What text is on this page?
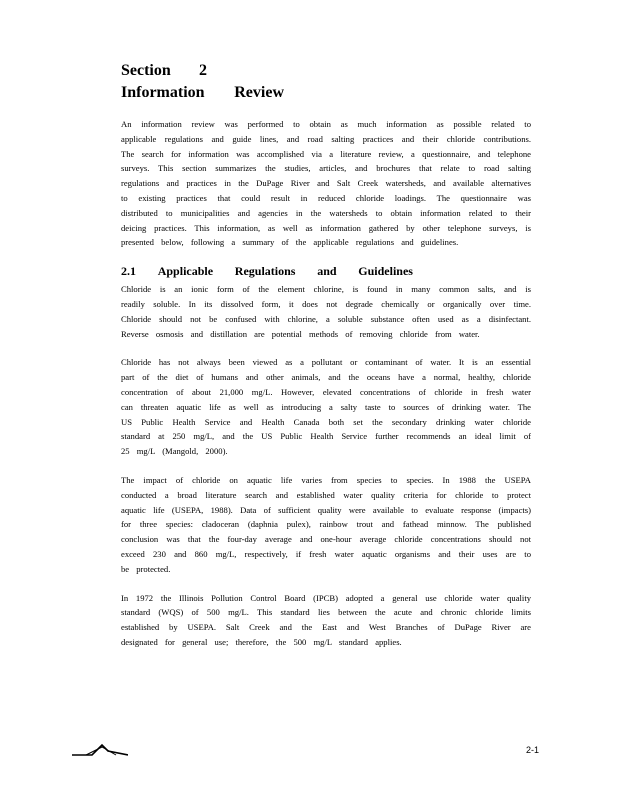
Section 2
Information Review

An information review was performed to obtain as much information as possible related to applicable regulations and guide lines, and road salting practices and their chloride contributions. The search for information was accomplished via a literature review, a questionnaire, and telephone surveys. This section summarizes the studies, articles, and brochures that relate to road salting regulations and practices in the DuPage River and Salt Creek watersheds, and available alternatives to existing practices that could result in reduced chloride loadings. The questionnaire was distributed to municipalities and agencies in the watersheds to obtain information related to their deicing practices. This information, as well as information gathered by other telephone surveys, is presented below, following a summary of the applicable regulations and guidelines.

2.1 Applicable Regulations and Guidelines

Chloride is an ionic form of the element chlorine, is found in many common salts, and is readily soluble. In its dissolved form, it does not degrade chemically or organically over time. Chloride should not be confused with chlorine, a soluble substance often used as a disinfectant. Reverse osmosis and distillation are potential methods of removing chloride from water.

Chloride has not always been viewed as a pollutant or contaminant of water. It is an essential part of the diet of humans and other animals, and the oceans have a normal, healthy, chloride concentration of about 21,000 mg/L. However, elevated concentrations of chloride in fresh water can threaten aquatic life as well as introducing a salty taste to sources of drinking water. The US Public Health Service and Health Canada both set the secondary drinking water chloride standard at 250 mg/L, and the US Public Health Service further recommends an ideal limit of 25 mg/L (Mangold, 2000).

The impact of chloride on aquatic life varies from species to species. In 1988 the USEPA conducted a broad literature search and established water quality criteria for chloride to protect aquatic life (USEPA, 1988). Data of sufficient quality were available to evaluate response (impacts) for three species: cladoceran (daphnia pulex), rainbow trout and fathead minnow. The published conclusion was that the four-day average and one-hour average chloride concentrations should not exceed 230 and 860 mg/L, respectively, if fresh water aquatic organisms and their uses are to be protected.

In 1972 the Illinois Pollution Control Board (IPCB) adopted a general use chloride water quality standard (WQS) of 500 mg/L. This standard lies between the acute and chronic chloride limits established by USEPA. Salt Creek and the East and West Branches of DuPage River are designated for general use; therefore, the 500 mg/L standard applies.

2-1
